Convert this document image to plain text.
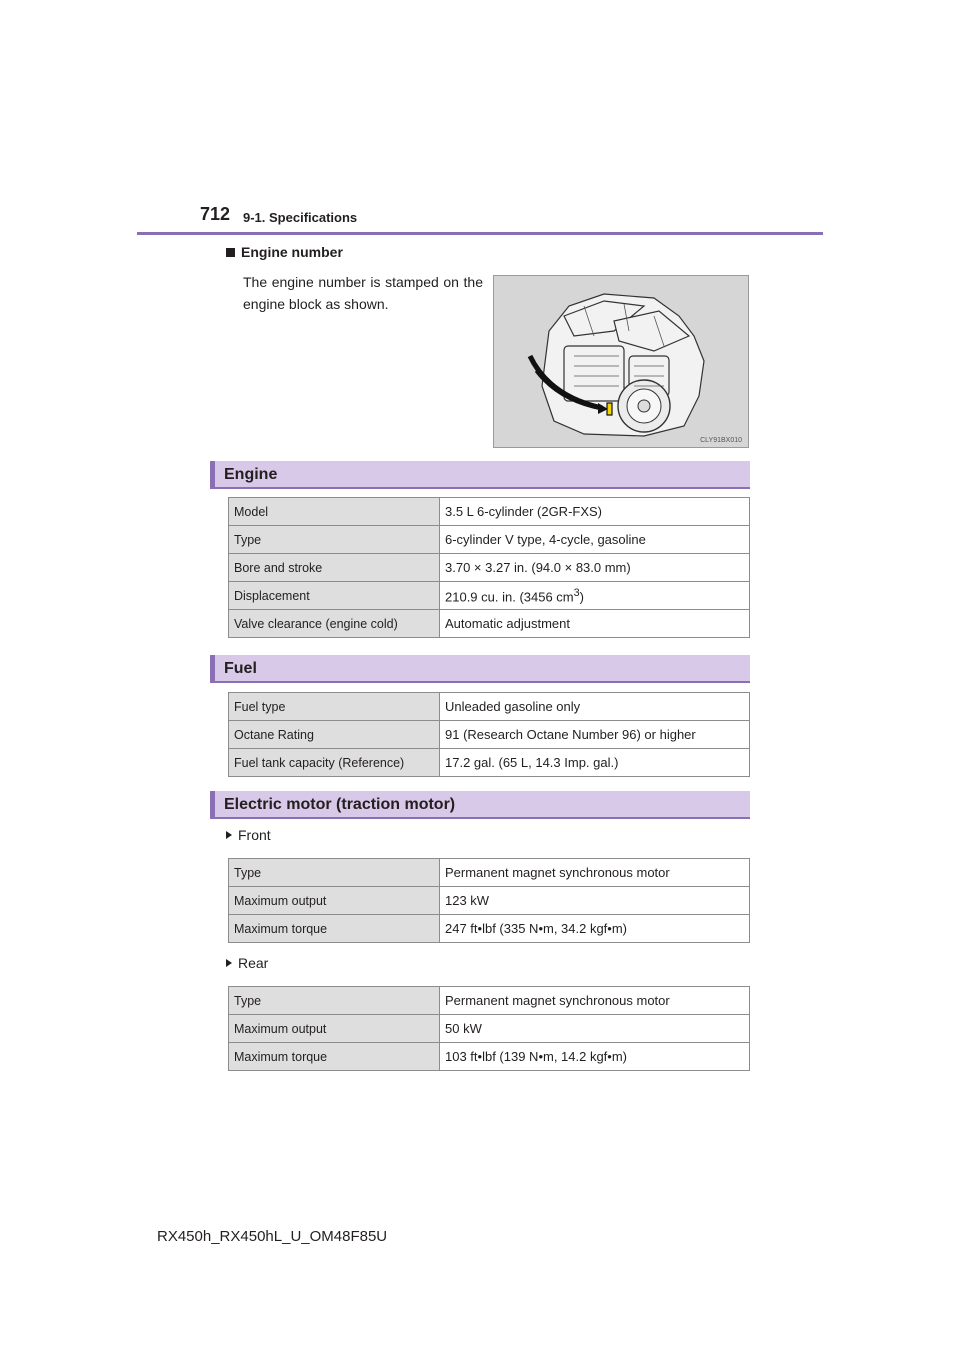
712 9-1. Specifications
Engine number
The engine number is stamped on the engine block as shown.
CLY91BX010
Engine
Model	3.5 L 6-cylinder (2GR-FXS)
Type	6-cylinder V type, 4-cycle, gasoline
Bore and stroke	3.70 × 3.27 in. (94.0 × 83.0 mm)
Displacement	210.9 cu. in. (3456 $cm^3$)
Valve clearance (engine cold)	Automatic adjustment
Fuel
Fuel type	Unleaded gasoline only
Octane Rating	91 (Research Octane Number 96) or higher
Fuel tank capacity (Reference)	17.2 gal. (65 L, 14.3 Imp. gal.)
Electric motor (traction motor)
Front
Type	Permanent magnet synchronous motor
Maximum output	123 kW
Maximum torque	247 ft•lbf (335 N•m, 34.2 kgf•m)
Rear
Type	Permanent magnet synchronous motor
Maximum output	50 kW
Maximum torque	103 ft•lbf (139 N•m, 14.2 kgf•m)
RX450h_RX450hL_U_OM48F85U
